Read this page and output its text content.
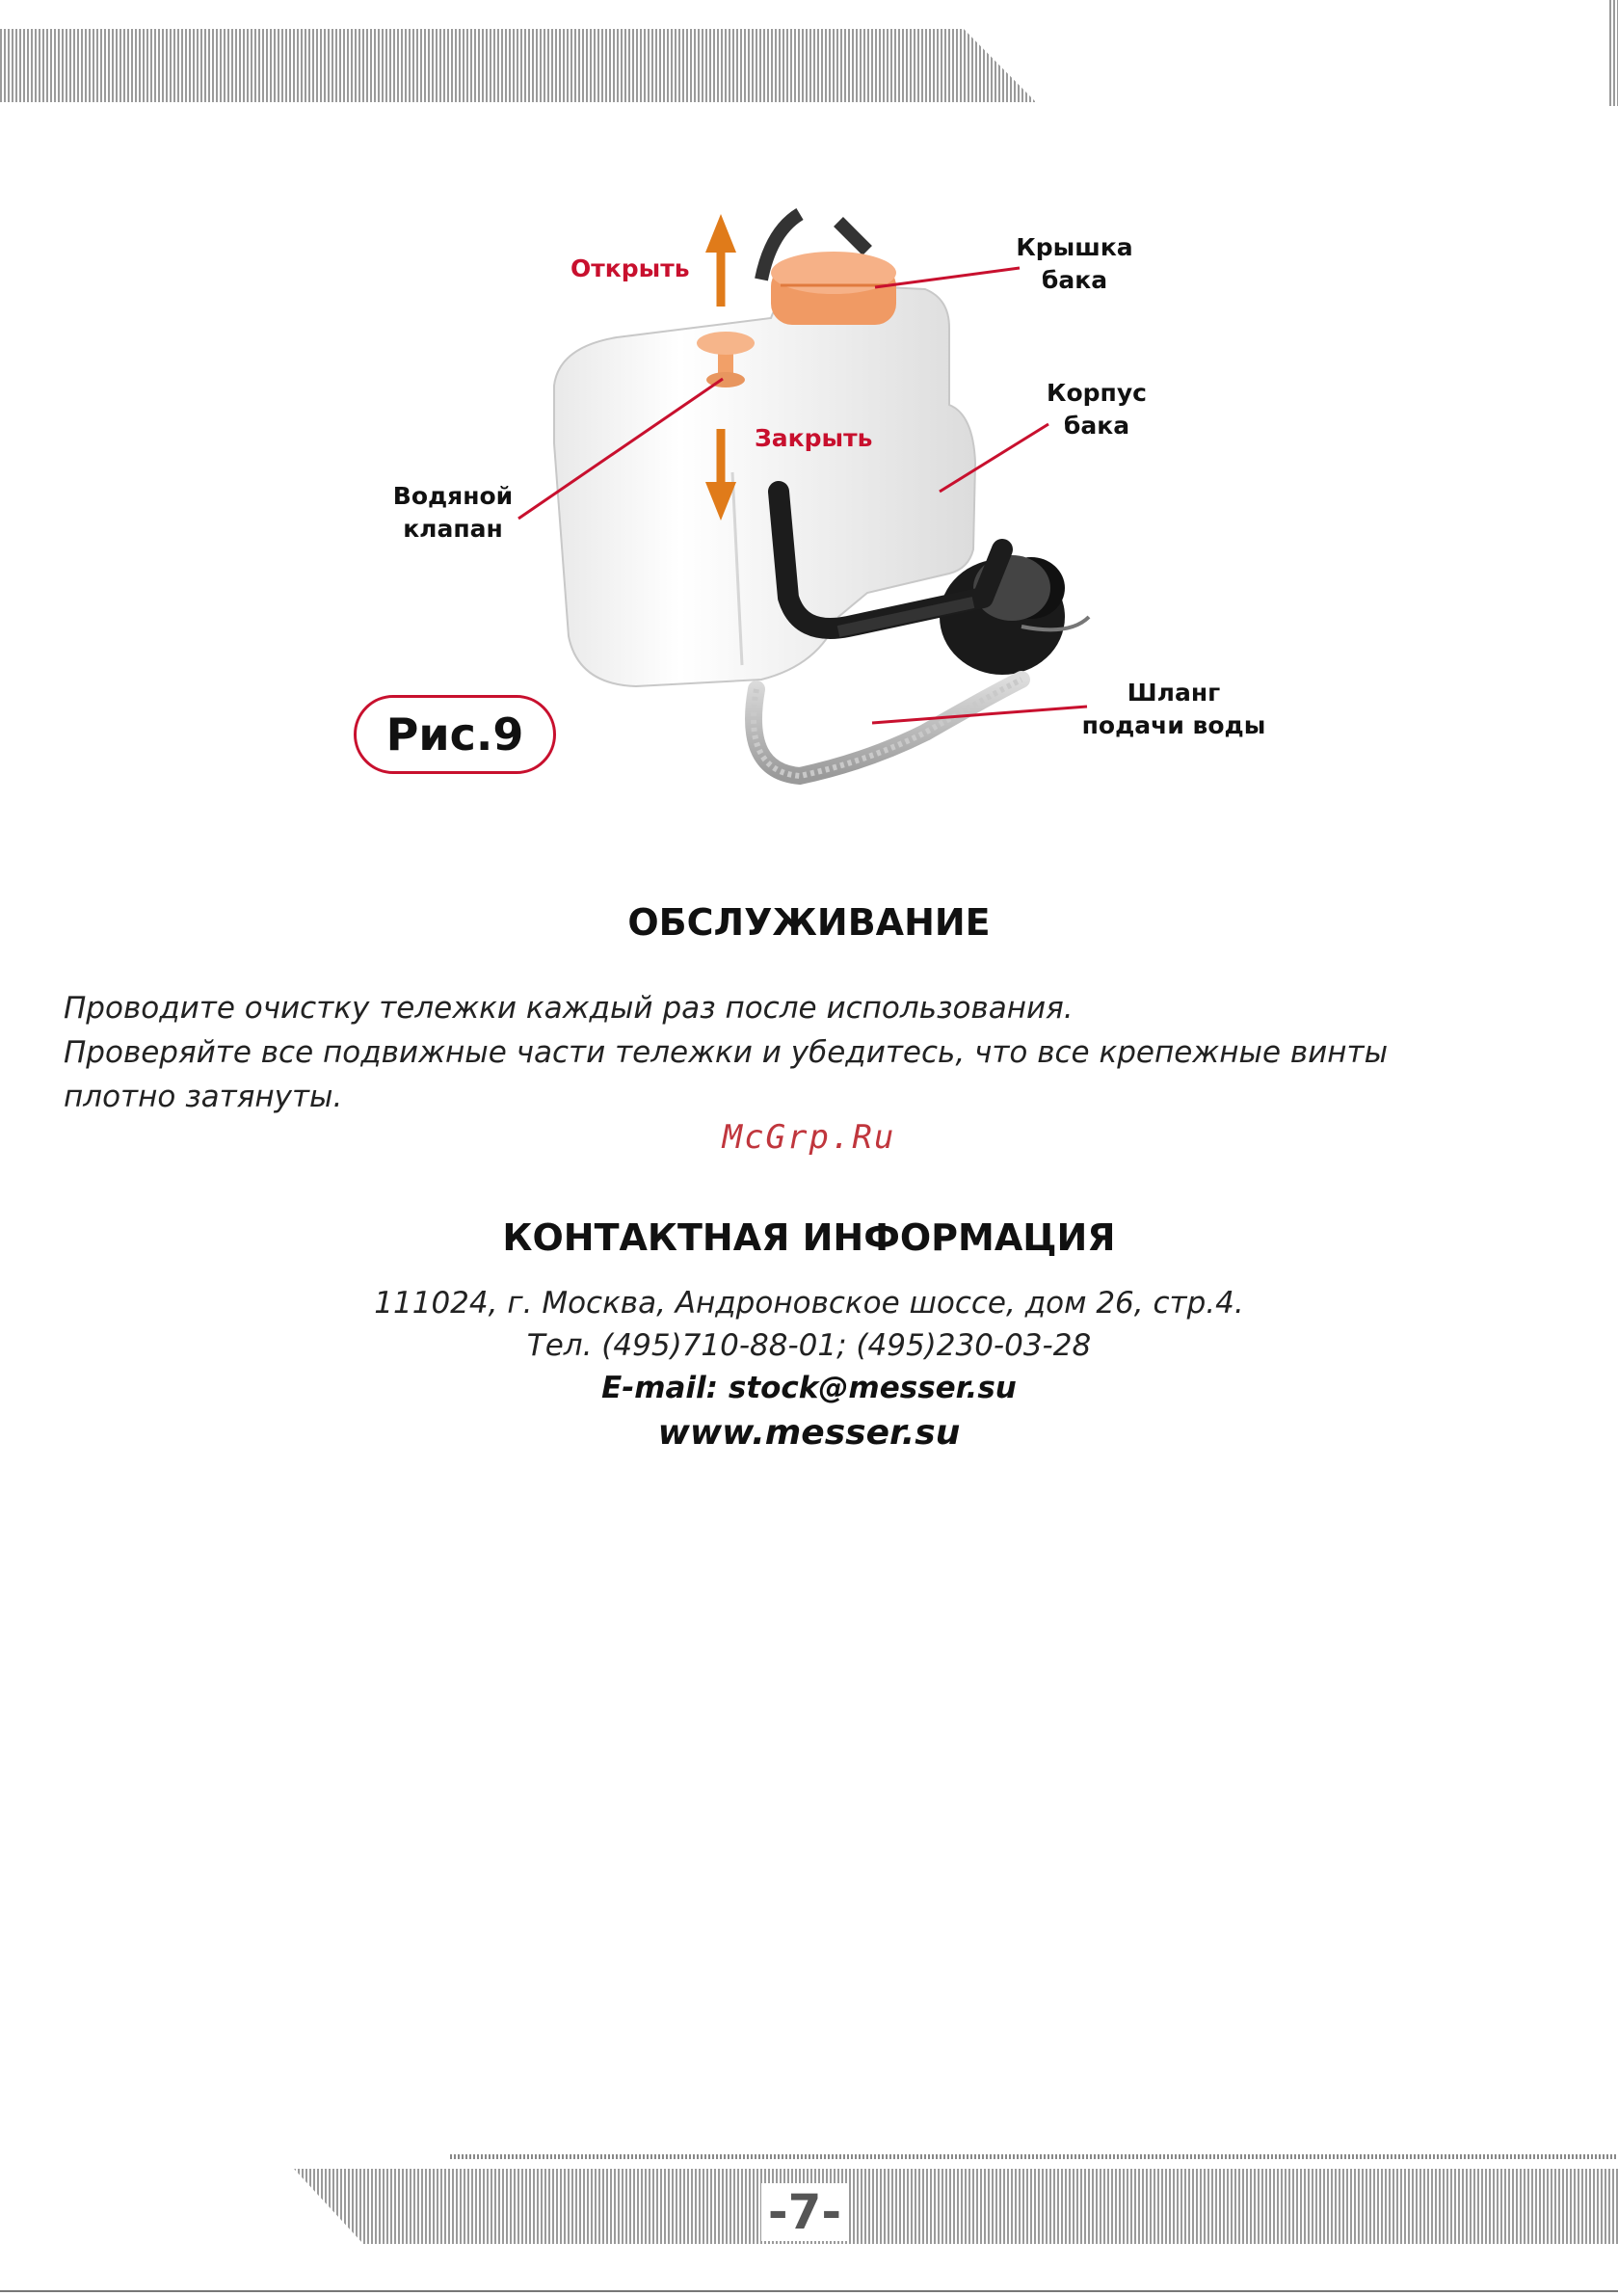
-7-
Открыть
Закрыть
Крышка
бака
Корпус
бака
Водяной
клапан
Шланг
подачи воды
Рис.9
ОБСЛУЖИВАНИЕ
Проводите очистку тележки каждый раз после использования.
Проверяйте все подвижные части тележки и убедитесь, что все крепежные винты
плотно затянуты.
McGrp.Ru
КОНТАКТНАЯ ИНФОРМАЦИЯ
111024, г. Москва, Андроновское шоссе, дом 26, стр.4.
Тел. (495)710-88-01; (495)230-03-28
E-mail: stock@messer.su
www.messer.su
